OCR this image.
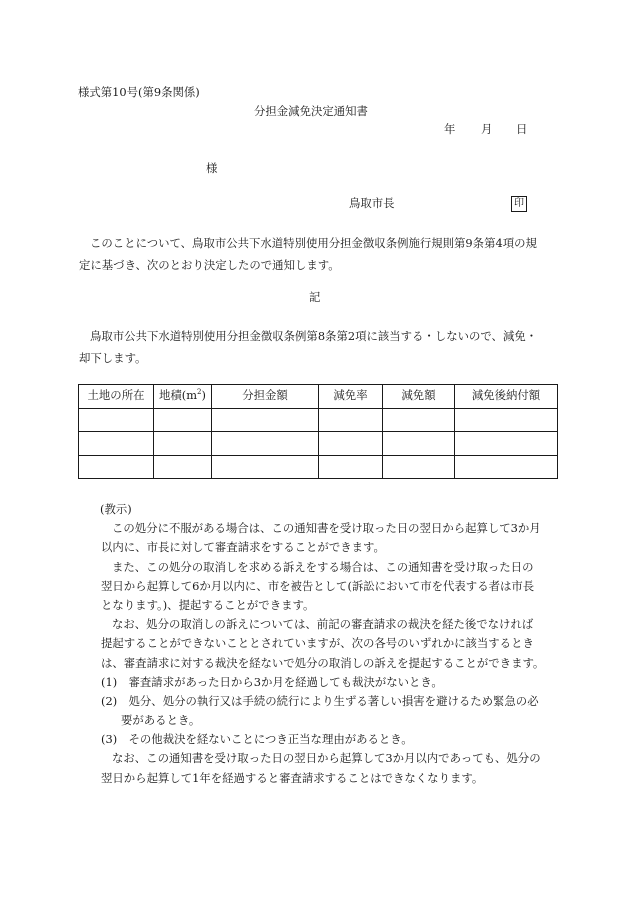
様式第10号(第9条関係)
分担金減免決定通知書
年 月 日
様
鳥取市長	印
このことについて、鳥取市公共下水道特別使用分担金徴収条例施行規則第9条第4項の規
定に基づき、次のとおり決定したので通知します。
記
鳥取市公共下水道特別使用分担金徴収条例第8条第2項に該当する・しないので、減免・
却下します。
土地の所在	地積$(m^2)$	分担金額	減免率	減免額	減免後納付額

(教示)
この処分に不服がある場合は、この通知書を受け取った日の翌日から起算して3か月
以内に、市長に対して審査請求をすることができます。
また、この処分の取消しを求める訴えをする場合は、この通知書を受け取った日の
翌日から起算して6か月以内に、市を被告として(訴訟において市を代表する者は市長
となります。)、提起することができます。
なお、処分の取消しの訴えについては、前記の審査請求の裁決を経た後でなければ
提起することができないこととされていますが、次の各号のいずれかに該当するとき
は、審査請求に対する裁決を経ないで処分の取消しの訴えを提起することができます。
(1)　審査請求があった日から3か月を経過しても裁決がないとき。
(2)　処分、処分の執行又は手続の続行により生ずる著しい損害を避けるため緊急の必
要があるとき。
(3)　その他裁決を経ないことにつき正当な理由があるとき。
なお、この通知書を受け取った日の翌日から起算して3か月以内であっても、処分の
翌日から起算して1年を経過すると審査請求することはできなくなります。
